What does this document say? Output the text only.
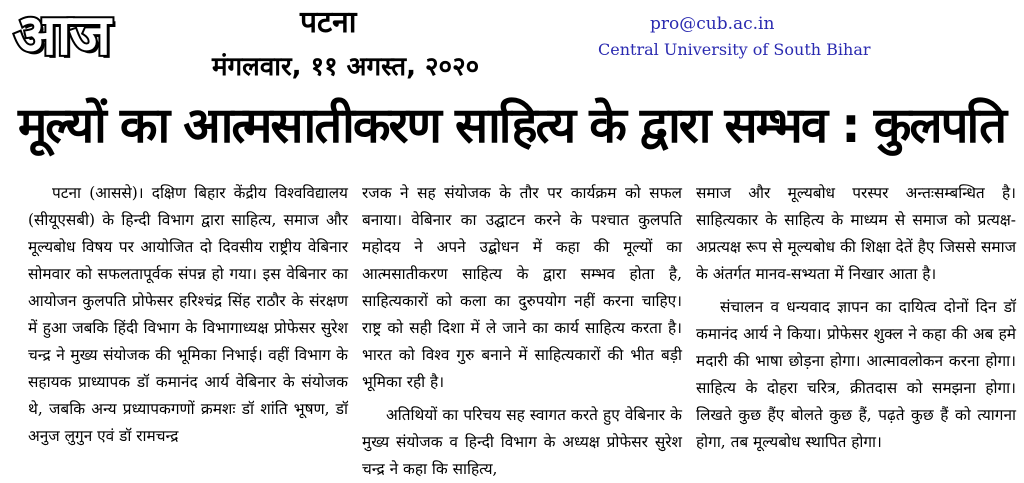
आज	पटना
मंगलवार, ११ अगस्त, २०२०
pro@cub.ac.in
Central University of South Bihar
मूल्यों का आत्मसातीकरण साहित्य के द्वारा सम्भव : कुलपति

पटना (आससे)। दक्षिण बिहार केंद्रीय विश्वविद्यालय (सीयूएसबी) के हिन्दी विभाग द्वारा साहित्य, समाज और मूल्यबोध विषय पर आयोजित दो दिवसीय राष्ट्रीय वेबिनार सोमवार को सफलतापूर्वक संपन्न हो गया। इस वेबिनार का आयोजन कुलपति प्रोफेसर हरिश्चंद्र सिंह राठौर के संरक्षण में हुआ जबकि हिंदी विभाग के विभागाध्यक्ष प्रोफेसर सुरेश चन्द्र ने मुख्य संयोजक की भूमिका निभाई। वहीं विभाग के सहायक प्राध्यापक डॉ कमानंद आर्य वेबिनार के संयोजक थे, जबकि अन्य प्रध्यापकगणों क्रमशः डॉ शांति भूषण, डॉ अनुज लुगुन एवं डॉ रामचन्द्र

रजक ने सह संयोजक के तौर पर कार्यक्रम को सफल बनाया। वेबिनार का उद्घाटन करने के पश्चात कुलपति महोदय ने अपने उद्बोधन में कहा की मूल्यों का आत्मसातीकरण साहित्य के द्वारा सम्भव होता है, साहित्यकारों को कला का दुरुपयोग नहीं करना चाहिए। राष्ट्र को सही दिशा में ले जाने का कार्य साहित्य करता है। भारत को विश्व गुरु बनाने में साहित्यकारों की भीत बड़ी भूमिका रही है।

अतिथियों का परिचय सह स्वागत करते हुए वेबिनार के मुख्य संयोजक व हिन्दी विभाग के अध्यक्ष प्रोफेसर सुरेश चन्द्र ने कहा कि साहित्य,

समाज और मूल्यबोध परस्पर अन्तःसम्बन्धित है। साहित्यकार के साहित्य के माध्यम से समाज को प्रत्यक्ष-अप्रत्यक्ष रूप से मूल्यबोध की शिक्षा देतें हैए जिससे समाज के अंतर्गत मानव-सभ्यता में निखार आता है।

संचालन व धन्यवाद ज्ञापन का दायित्व दोनों दिन डॉ कमानंद आर्य ने किया। प्रोफेसर शुक्ल ने कहा की अब हमे मदारी की भाषा छोड़ना होगा। आत्मावलोकन करना होगा। साहित्य के दोहरा चरित्र, क्रीतदास को समझना होगा। लिखते कुछ हैंए बोलते कुछ हैं, पढ़ते कुछ हैं को त्यागना होगा, तब मूल्यबोध स्थापित होगा।
